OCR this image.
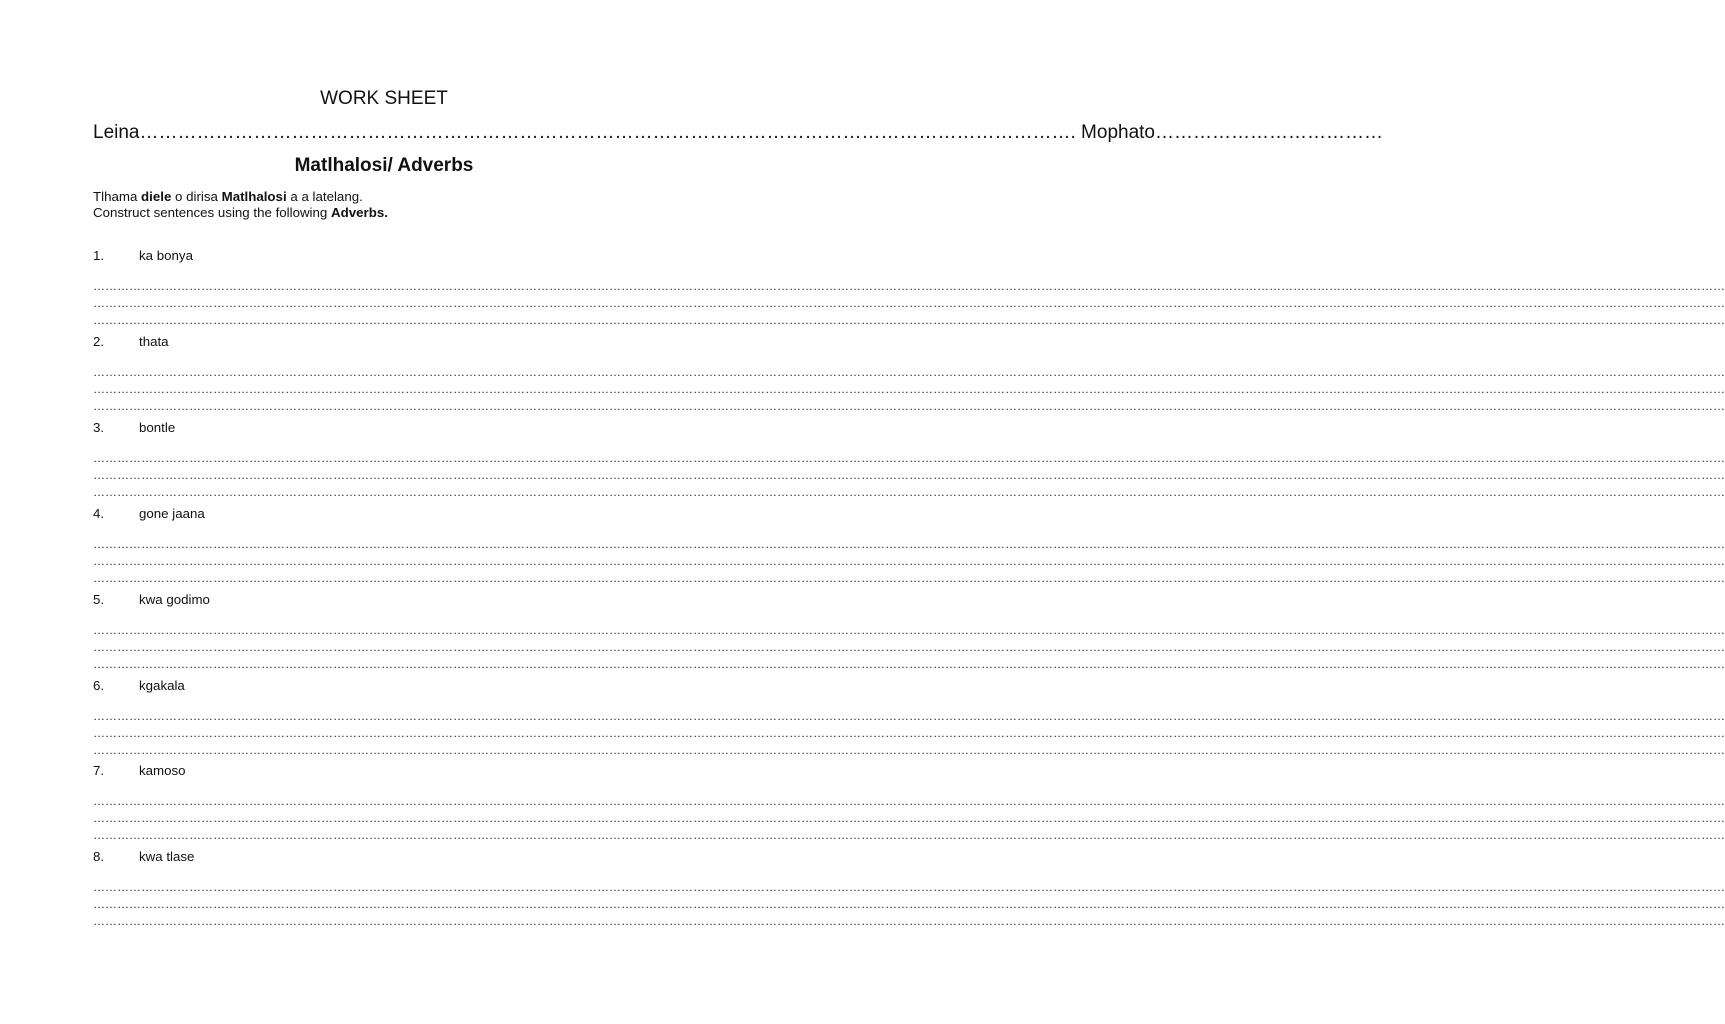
WORK SHEET
Leina…………………………………………………………………………………………………………………………………. Mophato………………………………
Matlhalosi/ Adverbs
Tlhama diele o dirisa Matlhalosi a a latelang.
Construct sentences using the following Adverbs.
1.	ka bonya
…………………………………………………………………………………………………………………………………………………………………………………………………………………………………………………………………………………………………………………………………………………………………………
…………………………………………………………………………………………………………………………………………………………………………………………………………………………………………………………………………………………………………………………………………………………………………
…………………………………………………………………………………………………………………………………………………………………………………………………………………………………………………………………………………………………………………………………………………………………………
2.	thata
…………………………………………………………………………………………………………………………………………………………………………………………………………………………………………………………………………………………………………………………………………………………………………
…………………………………………………………………………………………………………………………………………………………………………………………………………………………………………………………………………………………………………………………………………………………………………
…………………………………………………………………………………………………………………………………………………………………………………………………………………………………………………………………………………………………………………………………………………………………………
3.	bontle
…………………………………………………………………………………………………………………………………………………………………………………………………………………………………………………………………………………………………………………………………………………………………………
…………………………………………………………………………………………………………………………………………………………………………………………………………………………………………………………………………………………………………………………………………………………………………
…………………………………………………………………………………………………………………………………………………………………………………………………………………………………………………………………………………………………………………………………………………………………………
4.	gone jaana
…………………………………………………………………………………………………………………………………………………………………………………………………………………………………………………………………………………………………………………………………………………………………………
…………………………………………………………………………………………………………………………………………………………………………………………………………………………………………………………………………………………………………………………………………………………………………
…………………………………………………………………………………………………………………………………………………………………………………………………………………………………………………………………………………………………………………………………………………………………………
5.	kwa godimo
…………………………………………………………………………………………………………………………………………………………………………………………………………………………………………………………………………………………………………………………………………………………………………
…………………………………………………………………………………………………………………………………………………………………………………………………………………………………………………………………………………………………………………………………………………………………………
…………………………………………………………………………………………………………………………………………………………………………………………………………………………………………………………………………………………………………………………………………………………………………
6.	kgakala
…………………………………………………………………………………………………………………………………………………………………………………………………………………………………………………………………………………………………………………………………………………………………………
…………………………………………………………………………………………………………………………………………………………………………………………………………………………………………………………………………………………………………………………………………………………………………
…………………………………………………………………………………………………………………………………………………………………………………………………………………………………………………………………………………………………………………………………………………………………………
7.	kamoso
…………………………………………………………………………………………………………………………………………………………………………………………………………………………………………………………………………………………………………………………………………………………………………
…………………………………………………………………………………………………………………………………………………………………………………………………………………………………………………………………………………………………………………………………………………………………………
…………………………………………………………………………………………………………………………………………………………………………………………………………………………………………………………………………………………………………………………………………………………………………
8.	kwa tlase
…………………………………………………………………………………………………………………………………………………………………………………………………………………………………………………………………………………………………………………………………………………………………………
…………………………………………………………………………………………………………………………………………………………………………………………………………………………………………………………………………………………………………………………………………………………………………
…………………………………………………………………………………………………………………………………………………………………………………………………………………………………………………………………………………………………………………………………………………………………………
